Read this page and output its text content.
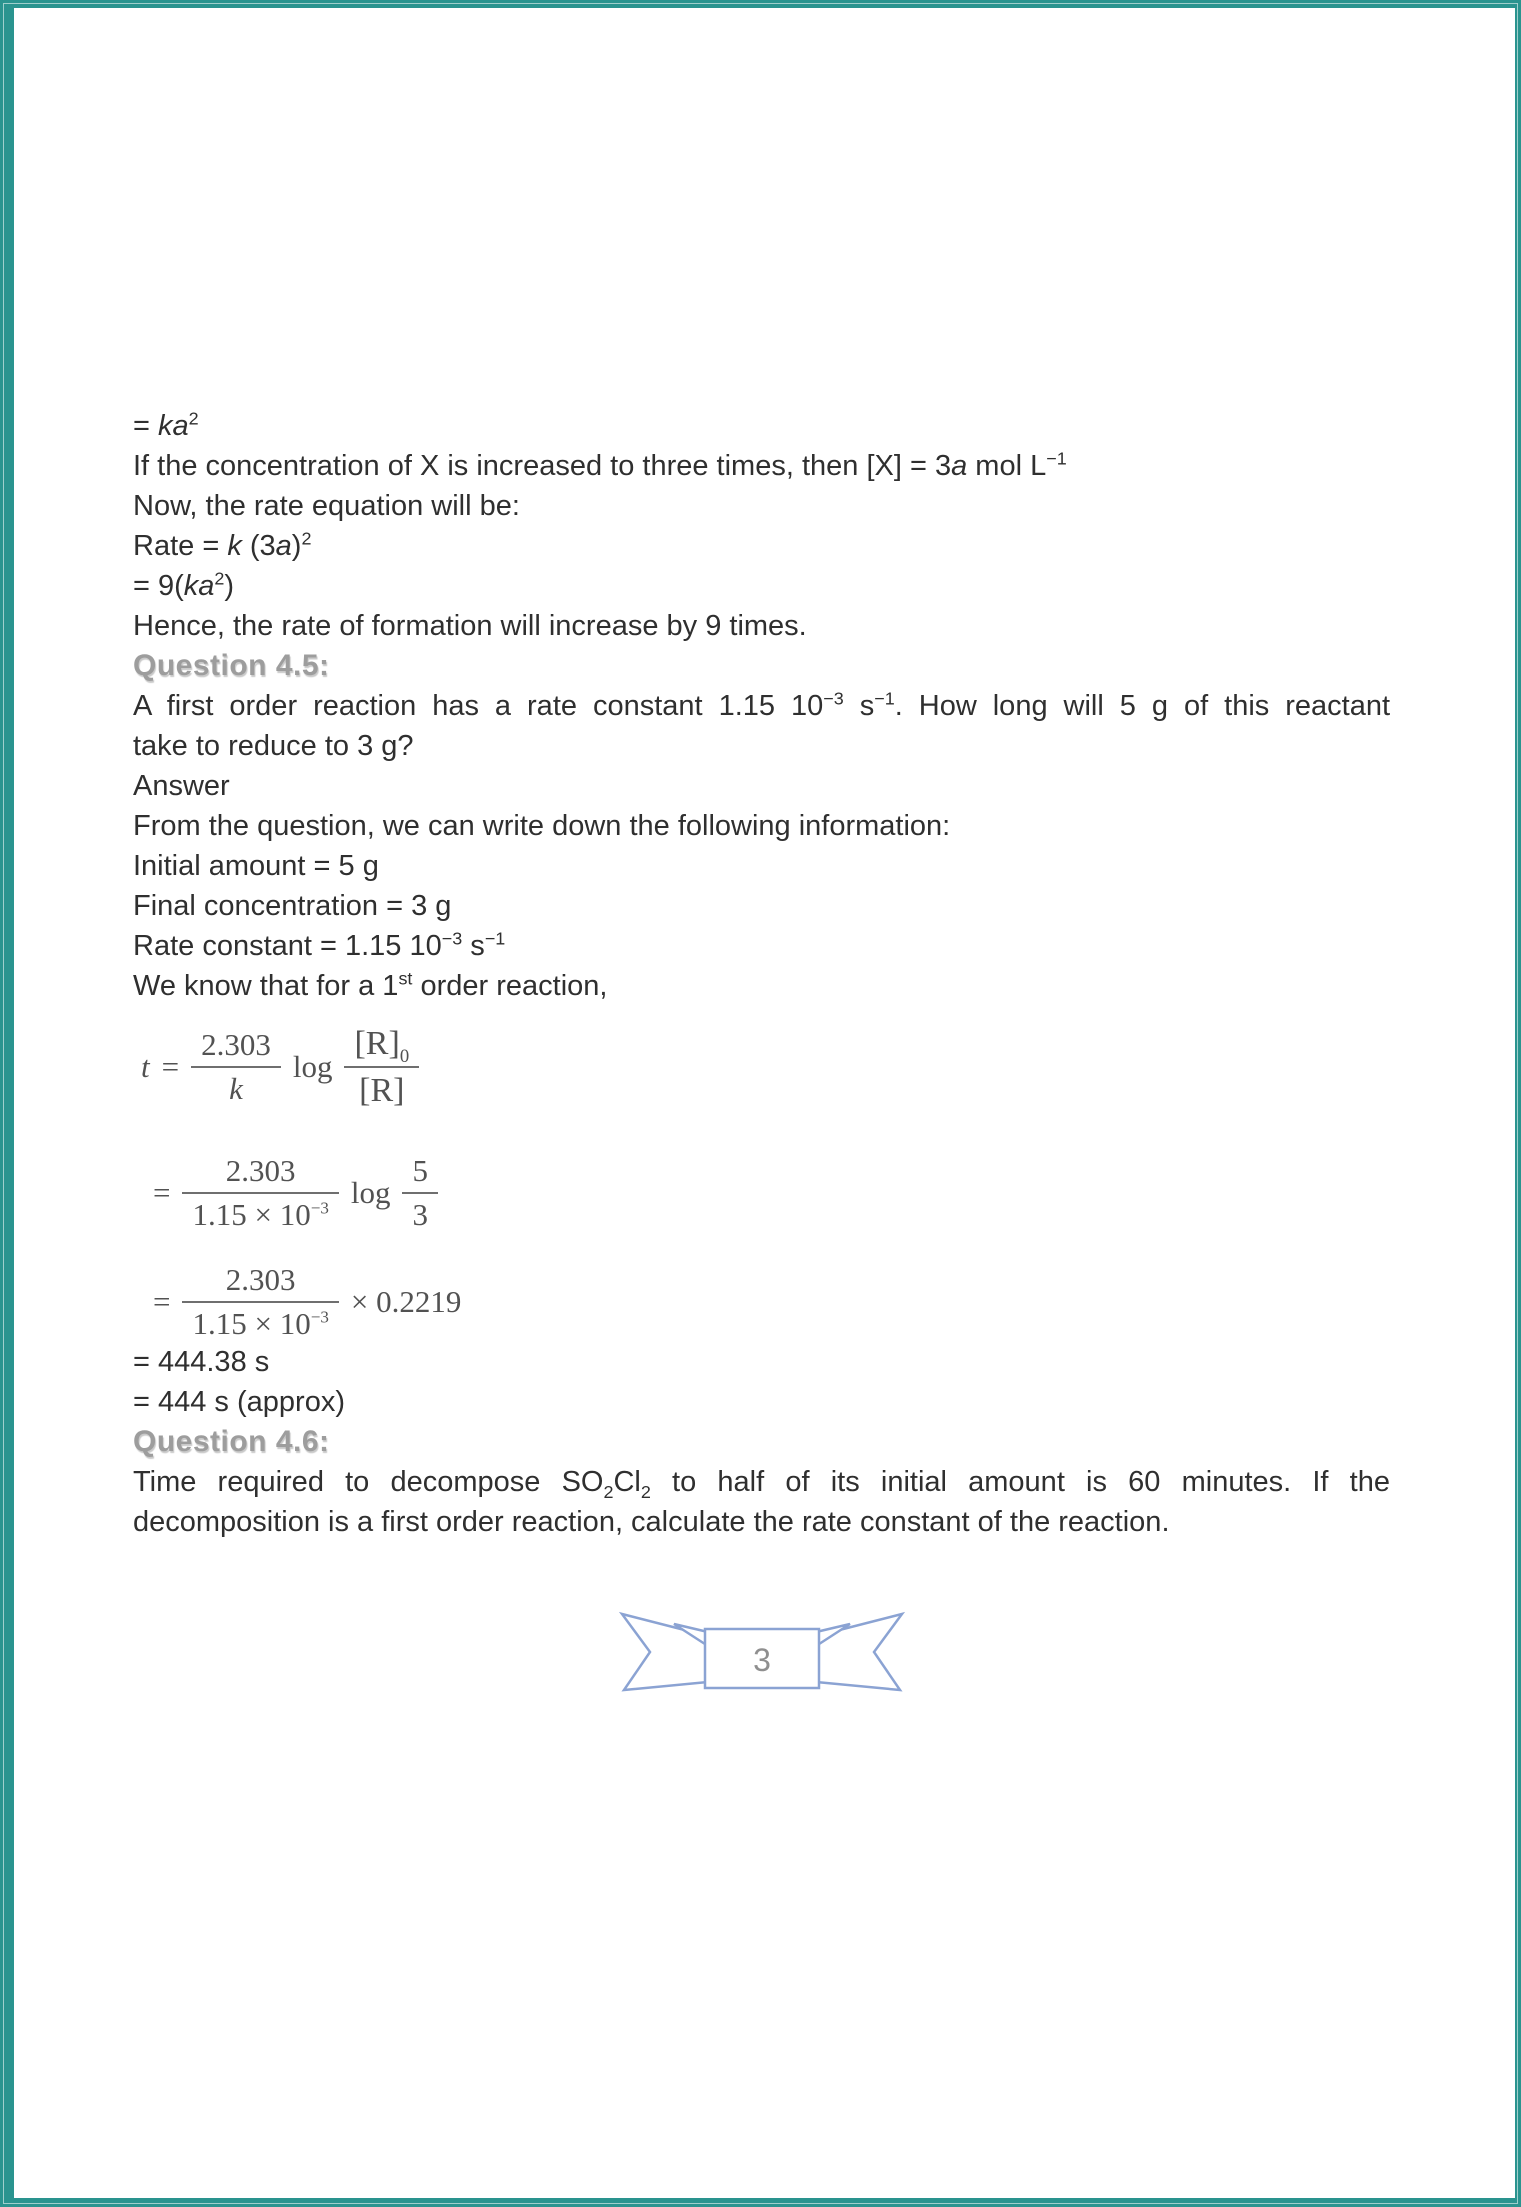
= $ka^2$

If the concentration of X is increased to three times, then [X] = 3a mol $L^{-1}$

Now, the rate equation will be:

Rate = k $(3a)^2$

= $9(ka^2)$

Hence, the rate of formation will increase by 9 times.

Question 4.5:

A first order reaction has a rate constant 1.15 $10^{-3}$ $s^{-1}$. How long will 5 g of this reactant

take to reduce to 3 g?

Answer

From the question, we can write down the following information:

Initial amount = 5 g

Final concentration = 3 g

Rate constant = 1.15 $10^{-3}$ $s^{-1}$

We know that for a 1st order reaction,

$t = \frac{2.303}{k}$ $\log \frac{[R]_0}{[R]}$
= $\frac{2.303}{1.15 \times 10^{-3}}$ $\log \frac{5}{3}$
= $\frac{2.303}{1.15 \times 10^{-3}} \times 0.2219$

= 444.38 s

= 444 s (approx)

Question 4.6:

Time required to decompose $SO_2Cl_2$ to half of its initial amount is 60 minutes. If the

decomposition is a first order reaction, calculate the rate constant of the reaction.

3
